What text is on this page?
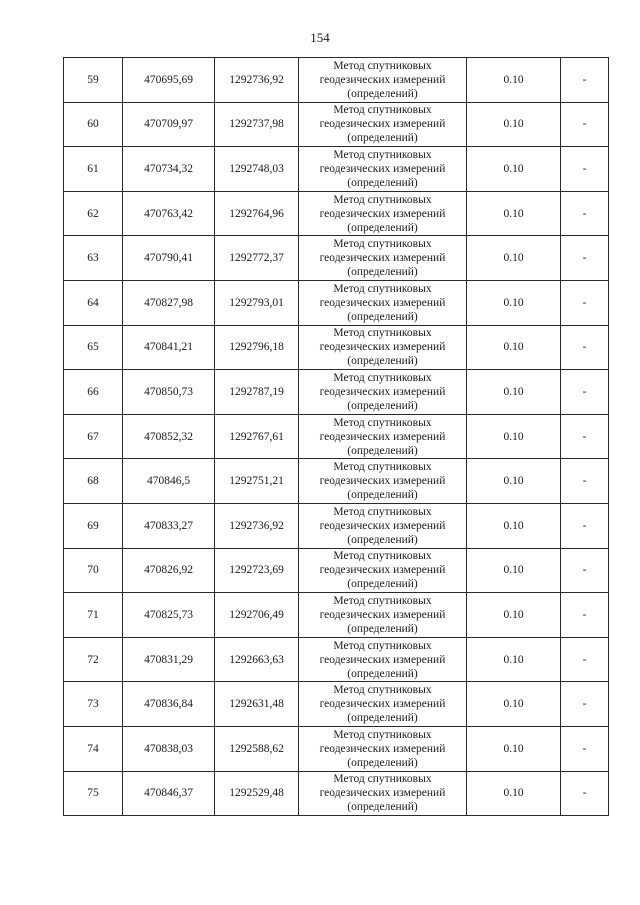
154
59	470695,69	1292736,92	Метод спутниковых
геодезических измерений
(определений)	0.10	-
60	470709,97	1292737,98	Метод спутниковых
геодезических измерений
(определений)	0.10	-
61	470734,32	1292748,03	Метод спутниковых
геодезических измерений
(определений)	0.10	-
62	470763,42	1292764,96	Метод спутниковых
геодезических измерений
(определений)	0.10	-
63	470790,41	1292772,37	Метод спутниковых
геодезических измерений
(определений)	0.10	-
64	470827,98	1292793,01	Метод спутниковых
геодезических измерений
(определений)	0.10	-
65	470841,21	1292796,18	Метод спутниковых
геодезических измерений
(определений)	0.10	-
66	470850,73	1292787,19	Метод спутниковых
геодезических измерений
(определений)	0.10	-
67	470852,32	1292767,61	Метод спутниковых
геодезических измерений
(определений)	0.10	-
68	470846,5	1292751,21	Метод спутниковых
геодезических измерений
(определений)	0.10	-
69	470833,27	1292736,92	Метод спутниковых
геодезических измерений
(определений)	0.10	-
70	470826,92	1292723,69	Метод спутниковых
геодезических измерений
(определений)	0.10	-
71	470825,73	1292706,49	Метод спутниковых
геодезических измерений
(определений)	0.10	-
72	470831,29	1292663,63	Метод спутниковых
геодезических измерений
(определений)	0.10	-
73	470836,84	1292631,48	Метод спутниковых
геодезических измерений
(определений)	0.10	-
74	470838,03	1292588,62	Метод спутниковых
геодезических измерений
(определений)	0.10	-
75	470846,37	1292529,48	Метод спутниковых
геодезических измерений
(определений)	0.10	-
